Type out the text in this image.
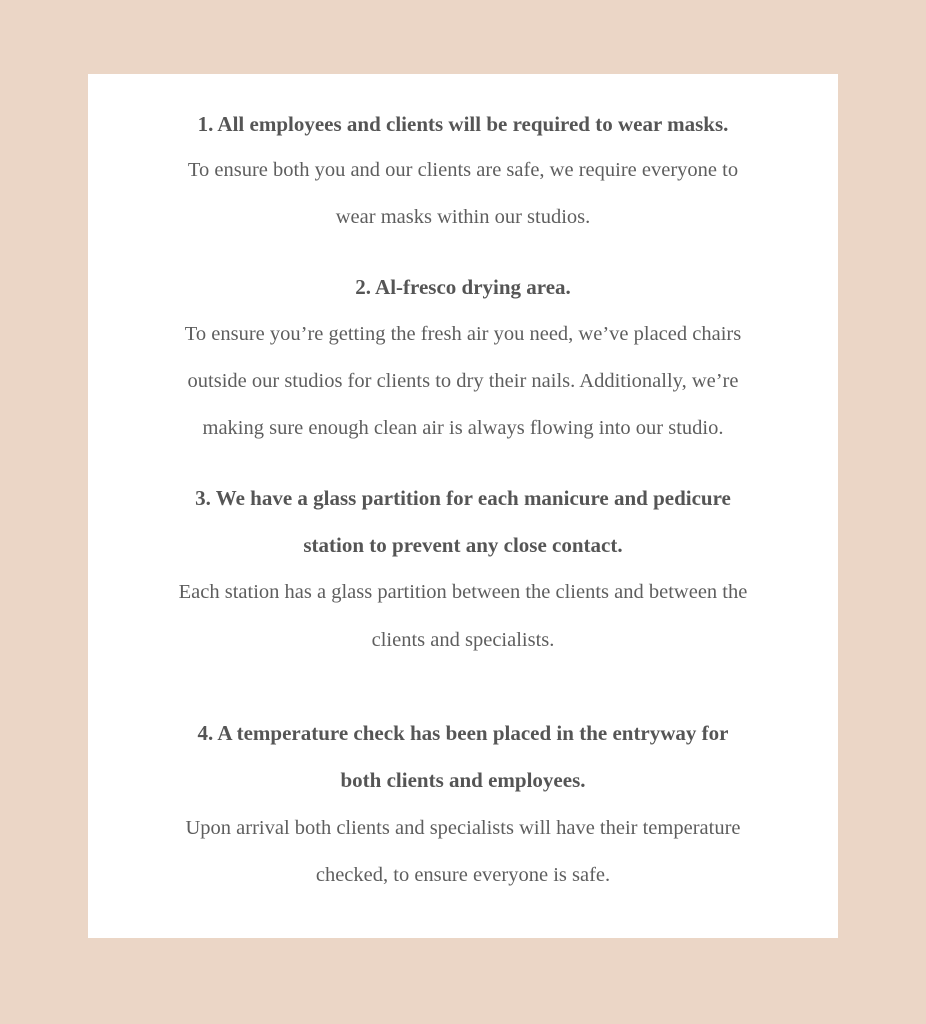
1. All employees and clients will be required to wear masks.
To ensure both you and our clients are safe, we require everyone to
wear masks within our studios.
2. Al-fresco drying area.
To ensure you’re getting the fresh air you need, we’ve placed chairs
outside our studios for clients to dry their nails. Additionally, we’re
making sure enough clean air is always flowing into our studio.
3. We have a glass partition for each manicure and pedicure
station to prevent any close contact.
Each station has a glass partition between the clients and between the
clients and specialists.
4. A temperature check has been placed in the entryway for
both clients and employees.
Upon arrival both clients and specialists will have their temperature
checked, to ensure everyone is safe.
